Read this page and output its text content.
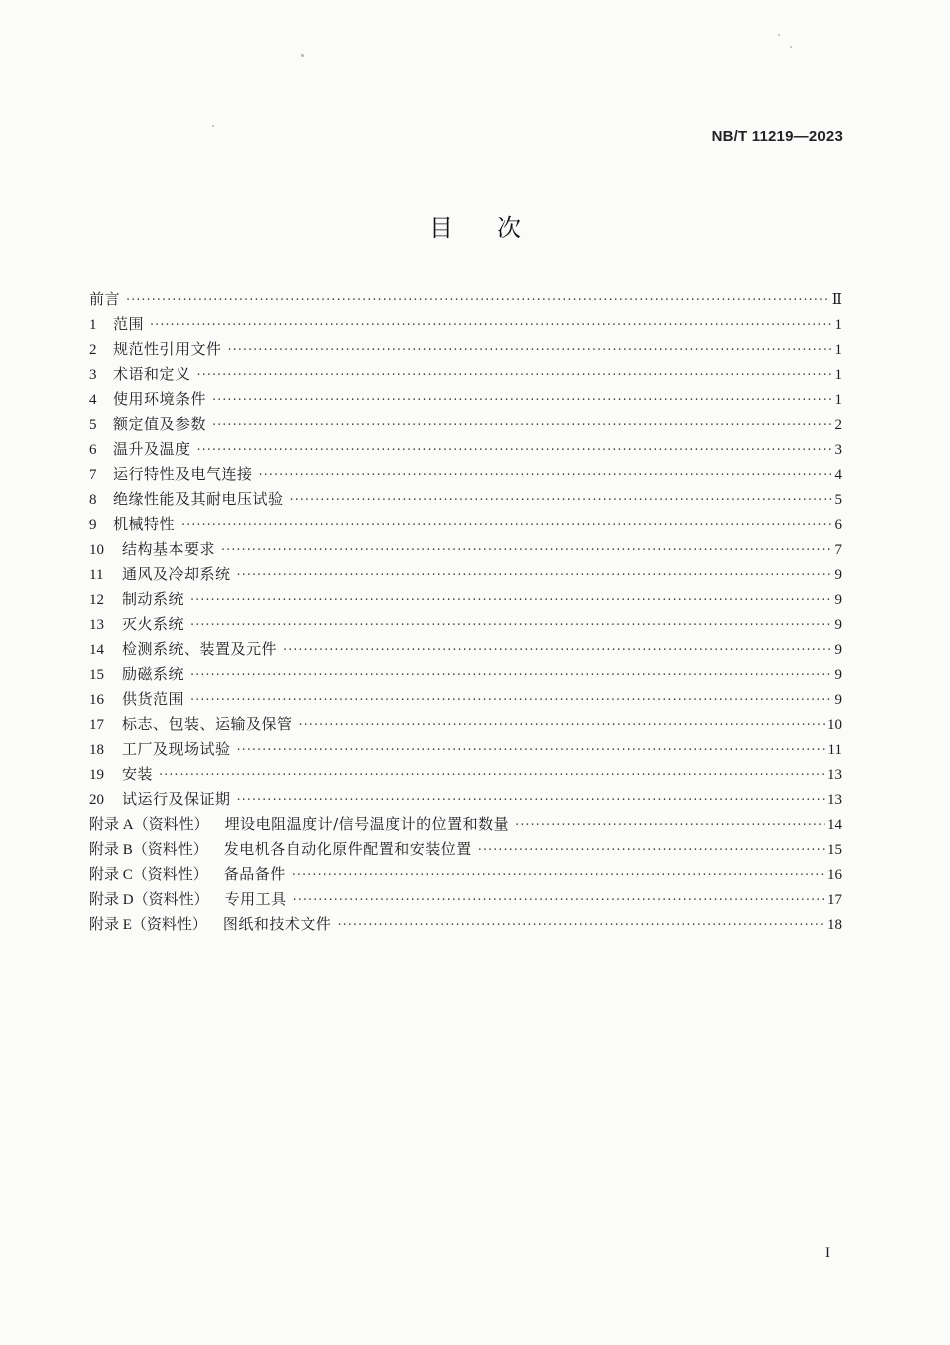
NB/T 11219—2023
目次
前言 ·····	Ⅱ
1	范围 ·····	1
2	规范性引用文件 ·····	1
3	术语和定义 ·····	1
4	使用环境条件 ·····	1
5	额定值及参数 ·····	2
6	温升及温度 ·····	3
7	运行特性及电气连接 ·····	4
8	绝缘性能及其耐电压试验 ·····	5
9	机械特性 ·····	6
10	结构基本要求 ·····	7
11	通风及冷却系统 ·····	9
12	制动系统 ·····	9
13	灭火系统 ·····	9
14	检测系统、装置及元件 ·····	9
15	励磁系统 ·····	9
16	供货范围 ·····	9
17	标志、包装、运输及保管 ·····	10
18	工厂及现场试验 ·····	11
19	安装 ·····	13
20	试运行及保证期 ·····	13
附录 A（资料性） 埋设电阻温度计/信号温度计的位置和数量 ·····	14
附录 B（资料性） 发电机各自动化原件配置和安装位置 ·····	15
附录 C（资料性） 备品备件 ·····	16
附录 D（资料性） 专用工具 ·····	17
附录 E（资料性） 图纸和技术文件 ·····	18
I
